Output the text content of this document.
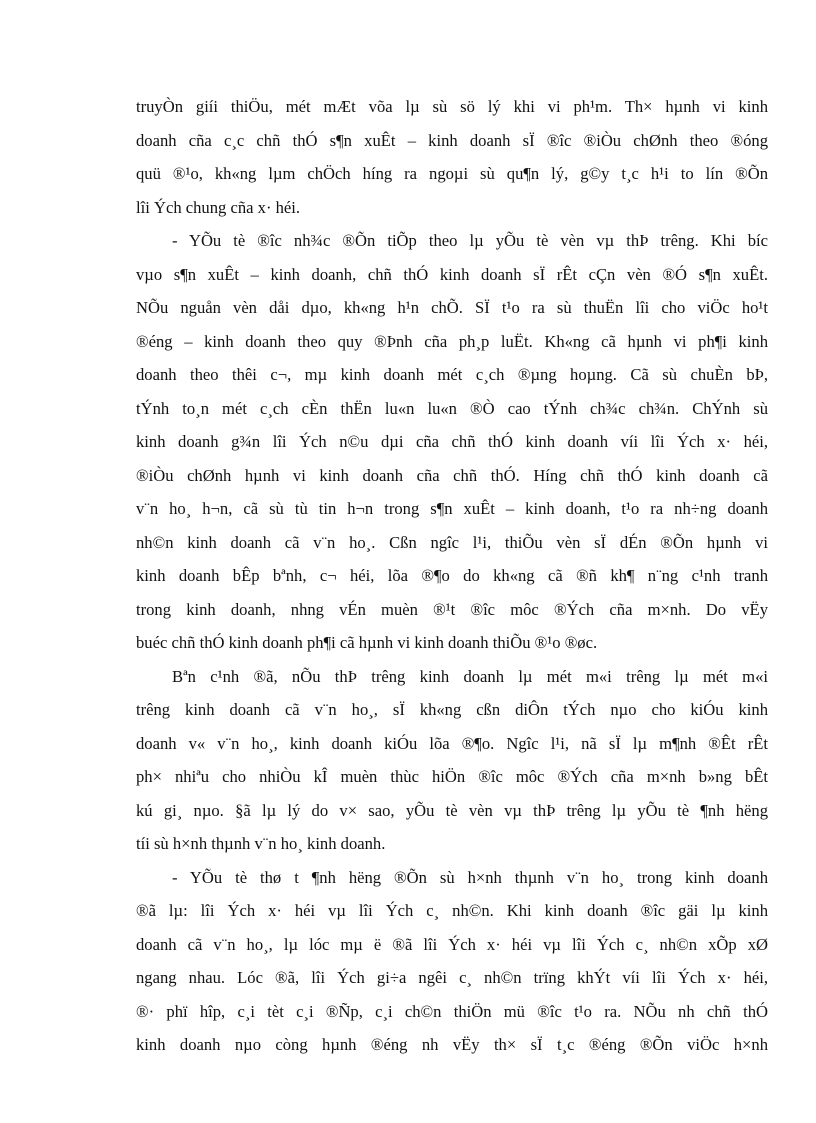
truyÒn giíi thiÖu, mét mÆt võa lµ sù sö lý khi vi ph¹m. Th× hµnh vi kinh
doanh cña c¸c chñ thÓ s¶n xuÊt – kinh doanh sÏ ®îc ®iÒu chØnh theo ®óng
quü ®¹o, kh«ng lµm chÖch híng ra ngoµi sù qu¶n lý, g©y t¸c h¹i to lín ®Õn
lîi Ých chung cña x· héi.
- YÕu tè ®îc nh¾c ®Õn tiÕp theo lµ yÕu tè vèn vµ thÞ trêng. Khi bíc
vµo s¶n xuÊt – kinh doanh, chñ thÓ kinh doanh sÏ rÊt cÇn vèn ®Ó s¶n xuÊt.
NÕu nguån vèn dåi dµo, kh«ng h¹n chÕ. SÏ t¹o ra sù thuËn lîi cho viÖc ho¹t
®éng – kinh doanh theo quy ®Þnh cña ph¸p luËt. Kh«ng cã hµnh vi ph¶i kinh
doanh theo thêi c¬, mµ kinh doanh mét c¸ch ®µng hoµng. Cã sù chuÈn bÞ,
tÝnh to¸n mét c¸ch cÈn thËn lu«n lu«n ®Ò cao tÝnh ch¾c ch¾n. ChÝnh sù
kinh doanh g¾n lîi Ých n©u dµi cña chñ thÓ kinh doanh víi lîi Ých x· héi,
®iÒu chØnh hµnh vi kinh doanh cña chñ thÓ. Híng chñ thÓ kinh doanh cã
v¨n ho¸ h¬n, cã sù tù tin h¬n trong s¶n xuÊt – kinh doanh, t¹o ra nh÷ng doanh
nh©n kinh doanh cã v¨n ho¸. Cßn ngîc l¹i, thiÕu vèn sÏ dÉn ®Õn hµnh vi
kinh doanh bÊp bªnh, c¬ héi, lõa ®¶o do kh«ng cã ®ñ kh¶ n¨ng c¹nh tranh
trong kinh doanh, nhng vÉn muèn ®¹t ®îc môc ®Ých cña m×nh. Do vËy
buéc chñ thÓ kinh doanh ph¶i cã hµnh vi kinh doanh thiÕu ®¹o ®øc.
Bªn c¹nh ®ã, nÕu thÞ trêng kinh doanh lµ mét m«i trêng lµ mét m«i
trêng kinh doanh cã v¨n ho¸, sÏ kh«ng cßn diÔn tÝch nµo cho kiÓu kinh
doanh v« v¨n ho¸, kinh doanh kiÓu lõa ®¶o. Ngîc l¹i, nã sÏ lµ m¶nh ®Êt rÊt
ph× nhiªu cho nhiÒu kÎ muèn thùc hiÖn ®îc môc ®Ých cña m×nh b»ng bÊt
kú gi¸ nµo. §ã lµ lý do v× sao, yÕu tè vèn vµ thÞ trêng lµ yÕu tè ¶nh hëng
tíi sù h×nh thµnh v¨n ho¸ kinh doanh.
- YÕu tè thø t ¶nh hëng ®Õn sù h×nh thµnh v¨n ho¸ trong kinh doanh
®ã lµ: lîi Ých x· héi vµ lîi Ých c¸ nh©n. Khi kinh doanh ®îc gäi lµ kinh
doanh cã v¨n ho¸, lµ lóc mµ ë ®ã lîi Ých x· héi vµ lîi Ých c¸ nh©n xÕp xØ
ngang nhau. Lóc ®ã, lîi Ých gi÷a ngêi c¸ nh©n trïng khÝt víi lîi Ých x· héi,
®· phï hîp, c¸i tèt c¸i ®Ñp, c¸i ch©n thiÖn mü ®îc t¹o ra. NÕu nh chñ thÓ
kinh doanh nµo còng hµnh ®éng nh vËy th× sÏ t¸c ®éng ®Õn viÖc h×nh
